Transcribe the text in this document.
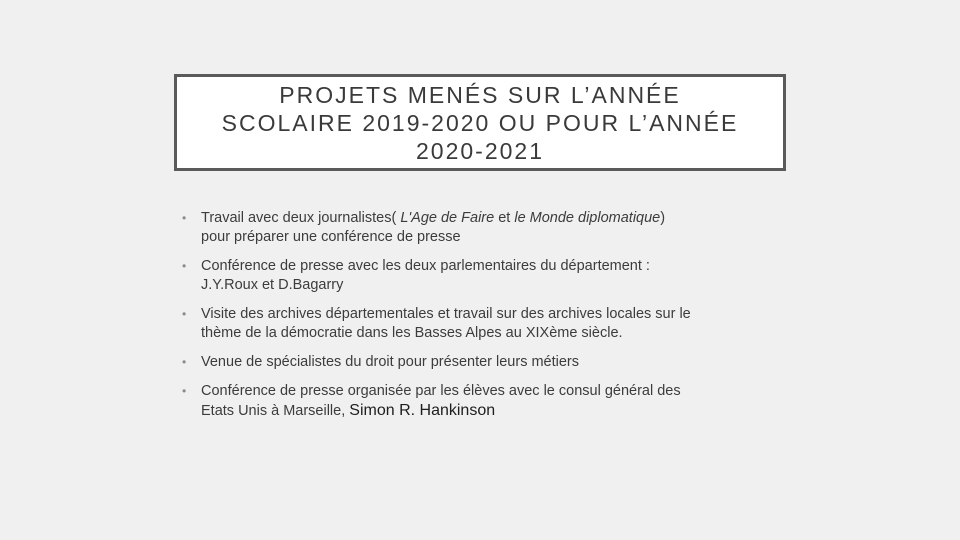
PROJETS MENÉS SUR L’ANNÉE
SCOLAIRE 2019-2020 OU POUR L’ANNÉE
2020-2021
•	Travail avec deux journalistes( L'Age de Faire et le Monde diplomatique)
pour préparer une conférence de presse
•	Conférence de presse avec les deux parlementaires du département :
J.Y.Roux et D.Bagarry
•	Visite des archives départementales et travail sur des archives locales sur le
thème de la démocratie dans les Basses Alpes au XIXème siècle.
•	Venue de spécialistes du droit pour présenter leurs métiers
•	Conférence de presse organisée par les élèves avec le consul général des
Etats Unis à Marseille, Simon R. Hankinson
